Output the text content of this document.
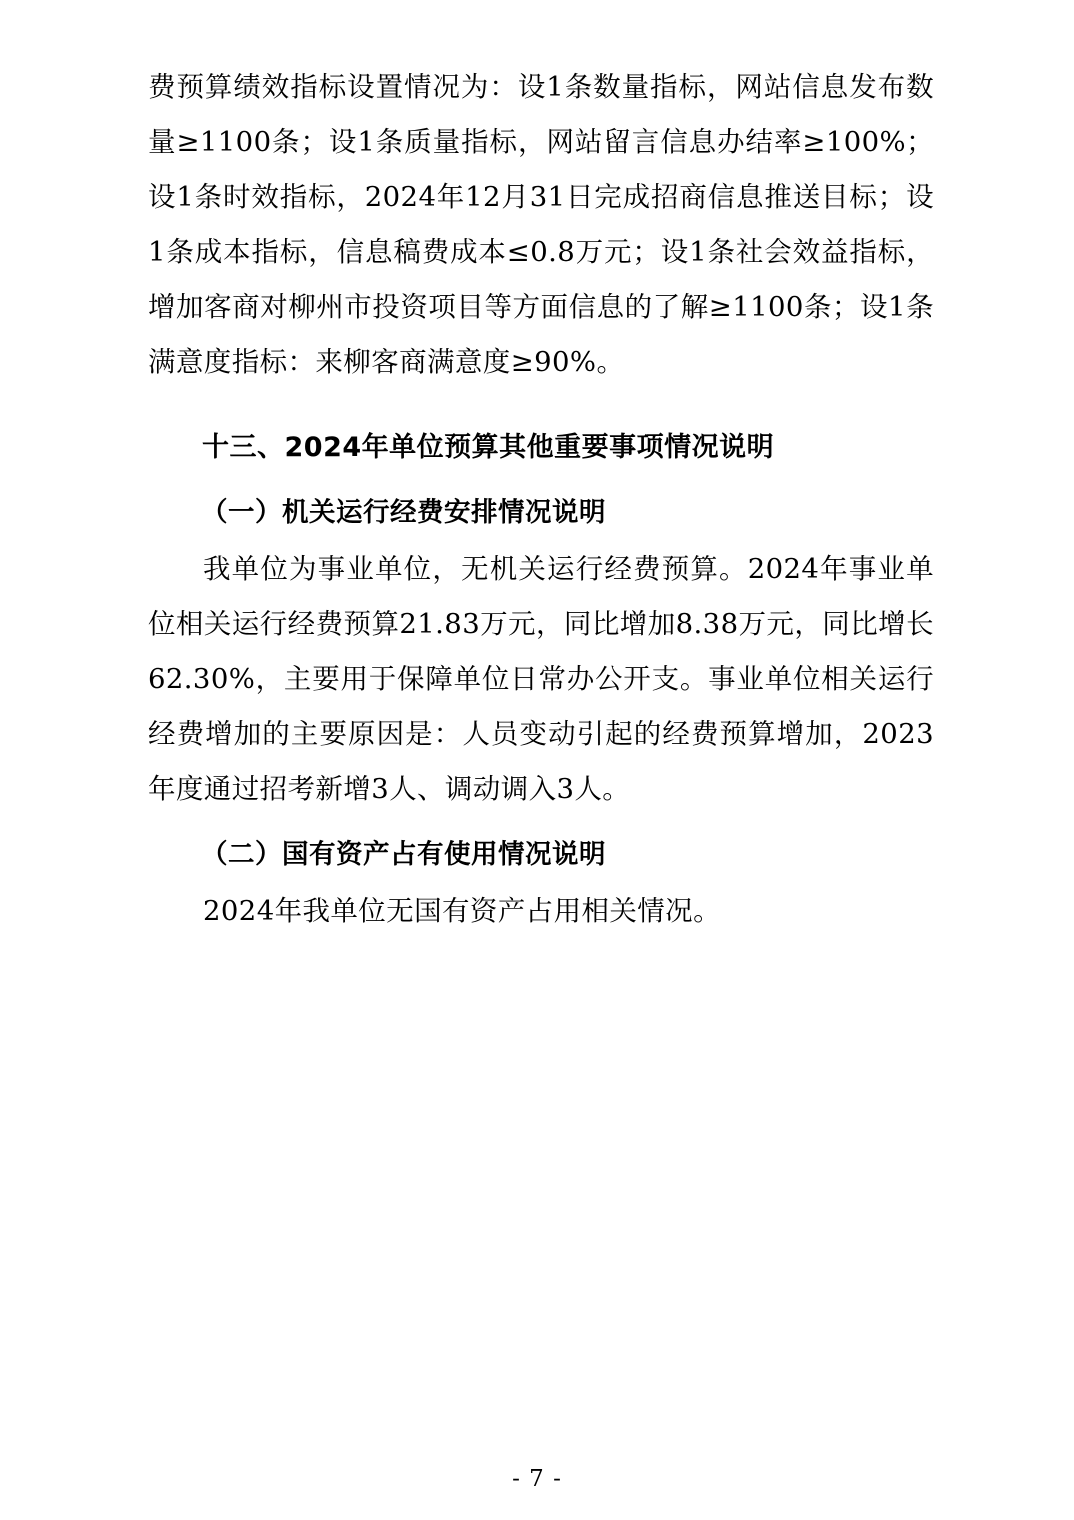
费预算绩效指标设置情况为：设1条数量指标，网站信息发布数量≥1100条；设1条质量指标，网站留言信息办结率≥100%；设1条时效指标，2024年12月31日完成招商信息推送目标；设1条成本指标，信息稿费成本≤0.8万元；设1条社会效益指标，增加客商对柳州市投资项目等方面信息的了解≥1100条；设1条满意度指标：来柳客商满意度≥90%。

十三、2024年单位预算其他重要事项情况说明
（一）机关运行经费安排情况说明

我单位为事业单位，无机关运行经费预算。2024年事业单位相关运行经费预算21.83万元，同比增加8.38万元，同比增长62.30%，主要用于保障单位日常办公开支。事业单位相关运行经费增加的主要原因是：人员变动引起的经费预算增加，2023年度通过招考新增3人、调动调入3人。

（二）国有资产占有使用情况说明

2024年我单位无国有资产占用相关情况。

- 7 -
